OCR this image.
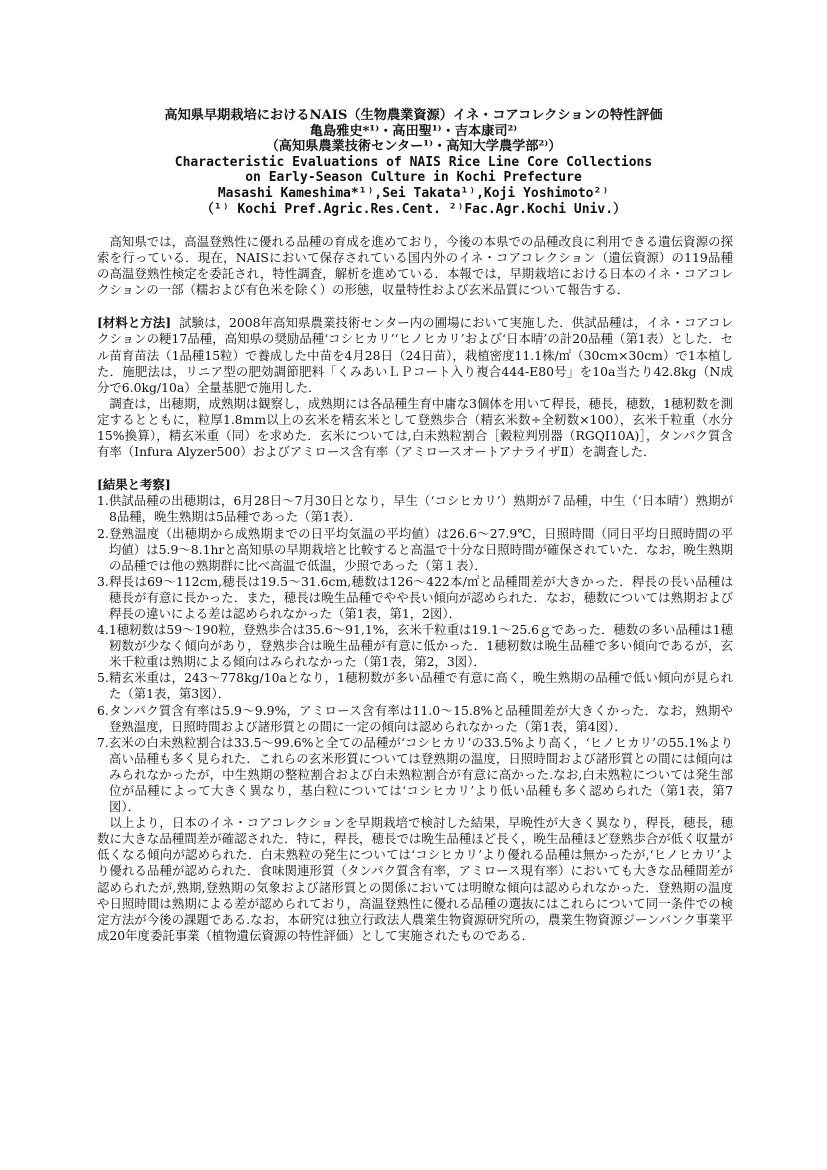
高知県早期栽培におけるNAIS（生物農業資源）イネ・コアコレクションの特性評価
亀島雅史*¹⁾・高田聖¹⁾・吉本康司²⁾
（高知県農業技術センター¹⁾・高知大学農学部²⁾）
Characteristic Evaluations of NAIS Rice Line Core Collections
on Early-Season Culture in Kochi Prefecture
Masashi Kameshima*¹⁾,Sei Takata¹⁾,Koji Yoshimoto²⁾
（¹⁾ Kochi Pref.Agric.Res.Cent. ²⁾Fac.Agr.Kochi Univ.）

高知県では，高温登熟性に優れる品種の育成を進めており，今後の本県での品種改良に利用できる遺伝資源の探索を行っている．現在，NAISにおいて保存されている国内外のイネ・コアコレクション（遺伝資源）の119品種の高温登熟性検定を委託され，特性調査，解析を進めている．本報では，早期栽培における日本のイネ・コアコレクションの一部（糯および有色米を除く）の形態，収量特性および玄米品質について報告する．

[材料と方法] 試験は，2008年高知県農業技術センター内の圃場において実施した．供試品種は，イネ・コアコレクションの粳17品種，高知県の奨励品種‘コシヒカリ’‘ヒノヒカリ’および‘日本晴’の計20品種（第1表）とした．セル苗育苗法（1品種15粒）で養成した中苗を4月28日（24日苗），栽植密度11.1株/㎡（30cm×30cm）で1本植した．施肥法は，リニア型の肥効調節肥料「くみあいＬＰコート入り複合444-E80号」を10a当たり42.8kg（N成分で6.0kg/10a）全量基肥で施用した．

調査は，出穂期，成熟期は観察し，成熟期には各品種生育中庸な3個体を用いて稈長，穂長，穂数，1穂籾数を測定するとともに，粒厚1.8mm以上の玄米を精玄米として登熟歩合（精玄米数÷全籾数×100），玄米千粒重（水分15%換算），精玄米重（同）を求めた．玄米については,白未熟粒割合［穀粒判別器（RGQI10A)］，タンパク質含有率（Infura Alyzer500）およびアミロース含有率（アミロースオートアナライザⅡ）を調査した．

[結果と考察]

1.供試品種の出穂期は，6月28日～7月30日となり，早生（‘コシヒカリ’）熟期が７品種，中生（‘日本晴’）熟期が8品種，晩生熟期は5品種であった（第1表）．
2.登熟温度（出穂期から成熟期までの日平均気温の平均値）は26.6～27.9℃，日照時間（同日平均日照時間の平均値）は5.9～8.1hrと高知県の早期栽培と比較すると高温で十分な日照時間が確保されていた．なお，晩生熟期の品種では他の熟期群に比べ高温で低温，少照であった（第１表）．
3.稈長は69～112cm,穂長は19.5～31.6cm,穂数は126～422本/㎡と品種間差が大きかった．稈長の長い品種は穂長が有意に長かった．また，穂長は晩生品種でやや長い傾向が認められた．なお，穂数については熟期および稈長の違いによる差は認められなかった（第1表，第1，2図）．
4.1穂籾数は59～190粒，登熟歩合は35.6～91,1%，玄米千粒重は19.1～25.6ｇであった．穂数の多い品種は1穂籾数が少なく傾向があり，登熟歩合は晩生品種が有意に低かった．1穂籾数は晩生品種で多い傾向であるが，玄米千粒重は熟期による傾向はみられなかった（第1表，第2，3図）．
5.精玄米重は，243～778kg/10aとなり，1穂籾数が多い品種で有意に高く，晩生熟期の品種で低い傾向が見られた（第1表，第3図）．
6.タンパク質含有率は5.9～9.9%，アミロース含有率は11.0～15.8%と品種間差が大きくかった．なお，熟期や登熟温度，日照時間および諸形質との間に一定の傾向は認められなかった（第1表，第4図）．
7.玄米の白未熟粒割合は33.5～99.6%と全ての品種が‘コシヒカリ’の33.5%より高く，‘ヒノヒカリ’の55.1%より高い品種も多く見られた．これらの玄米形質については登熟期の温度，日照時間および諸形質との間には傾向はみられなかったが，中生熟期の整粒割合および白未熟粒割合が有意に高かった.なお,白未熟粒については発生部位が品種によって大きく異なり，基白粒については‘コシヒカリ’より低い品種も多く認められた（第1表，第7図）．

以上より，日本のイネ・コアコレクションを早期栽培で検討した結果，早晩性が大きく異なり，稈長，穂長，穂数に大きな品種間差が確認された．特に，稈長，穂長では晩生品種ほど長く，晩生品種ほど登熟歩合が低く収量が低くなる傾向が認められた．白未熟粒の発生については‘コシヒカリ’より優れる品種は無かったが,‘ヒノヒカリ’より優れる品種が認められた．食味関連形質（タンパク質含有率，アミロース現有率）においても大きな品種間差が認められたが,熟期,登熟期の気象および諸形質との関係においては明瞭な傾向は認められなかった．登熟期の温度や日照時間は熟期による差が認められており，高温登熟性に優れる品種の選抜にはこれらについて同一条件での検定方法が今後の課題である.なお，本研究は独立行政法人農業生物資源研究所の，農業生物資源ジーンバンク事業平成20年度委託事業（植物遺伝資源の特性評価）として実施されたものである．
